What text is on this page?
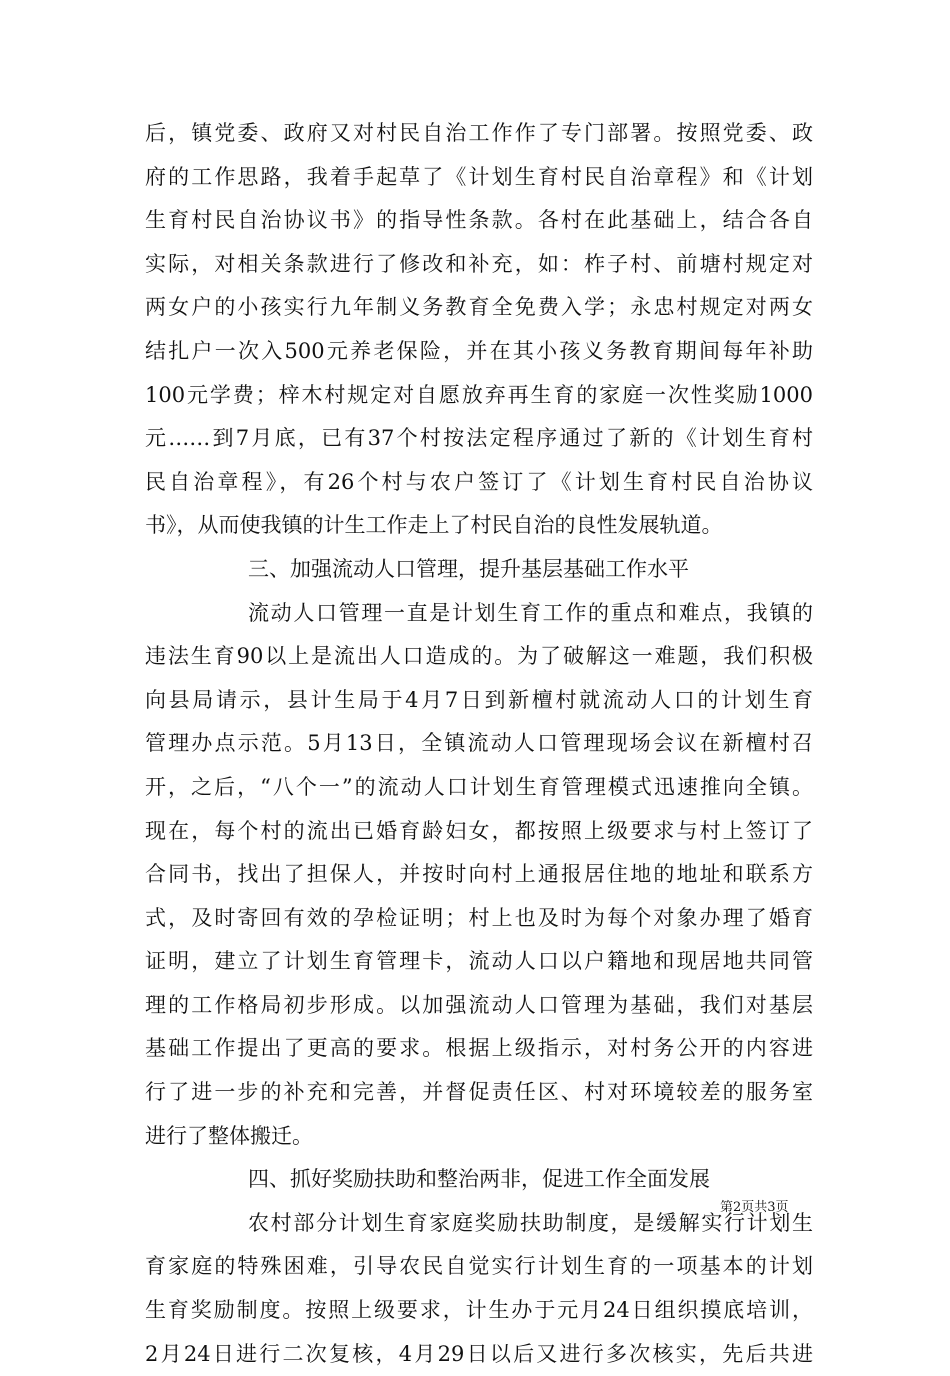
后，镇党委、政府又对村民自治工作作了专门部署。按照党委、政
府的工作思路，我着手起草了《计划生育村民自治章程》和《计划
生育村民自治协议书》的指导性条款。各村在此基础上，结合各自
实际，对相关条款进行了修改和补充，如：柞子村、前塘村规定对
两女户的小孩实行九年制义务教育全免费入学；永忠村规定对两女
结扎户一次入500元养老保险，并在其小孩义务教育期间每年补助
100元学费；梓木村规定对自愿放弃再生育的家庭一次性奖励1000
元……到7月底，已有37个村按法定程序通过了新的《计划生育村
民自治章程》，有26个村与农户签订了《计划生育村民自治协议
书》，从而使我镇的计生工作走上了村民自治的良性发展轨道。
三、加强流动人口管理，提升基层基础工作水平
流动人口管理一直是计划生育工作的重点和难点，我镇的
违法生育90以上是流出人口造成的。为了破解这一难题，我们积极
向县局请示，县计生局于4月7日到新檀村就流动人口的计划生育
管理办点示范。5月13日，全镇流动人口管理现场会议在新檀村召
开，之后，“八个一”的流动人口计划生育管理模式迅速推向全镇。
现在，每个村的流出已婚育龄妇女，都按照上级要求与村上签订了
合同书，找出了担保人，并按时向村上通报居住地的地址和联系方
式，及时寄回有效的孕检证明；村上也及时为每个对象办理了婚育
证明，建立了计划生育管理卡，流动人口以户籍地和现居地共同管
理的工作格局初步形成。以加强流动人口管理为基础，我们对基层
基础工作提出了更高的要求。根据上级指示，对村务公开的内容进
行了进一步的补充和完善，并督促责任区、村对环境较差的服务室
进行了整体搬迁。
四、抓好奖励扶助和整治两非，促进工作全面发展
农村部分计划生育家庭奖励扶助制度，是缓解实行计划生
育家庭的特殊困难，引导农民自觉实行计划生育的一项基本的计划
生育奖励制度。按照上级要求，计生办于元月24日组织摸底培训，
2月24日进行二次复核，4月29日以后又进行多次核实，先后共进
第2页共3页
